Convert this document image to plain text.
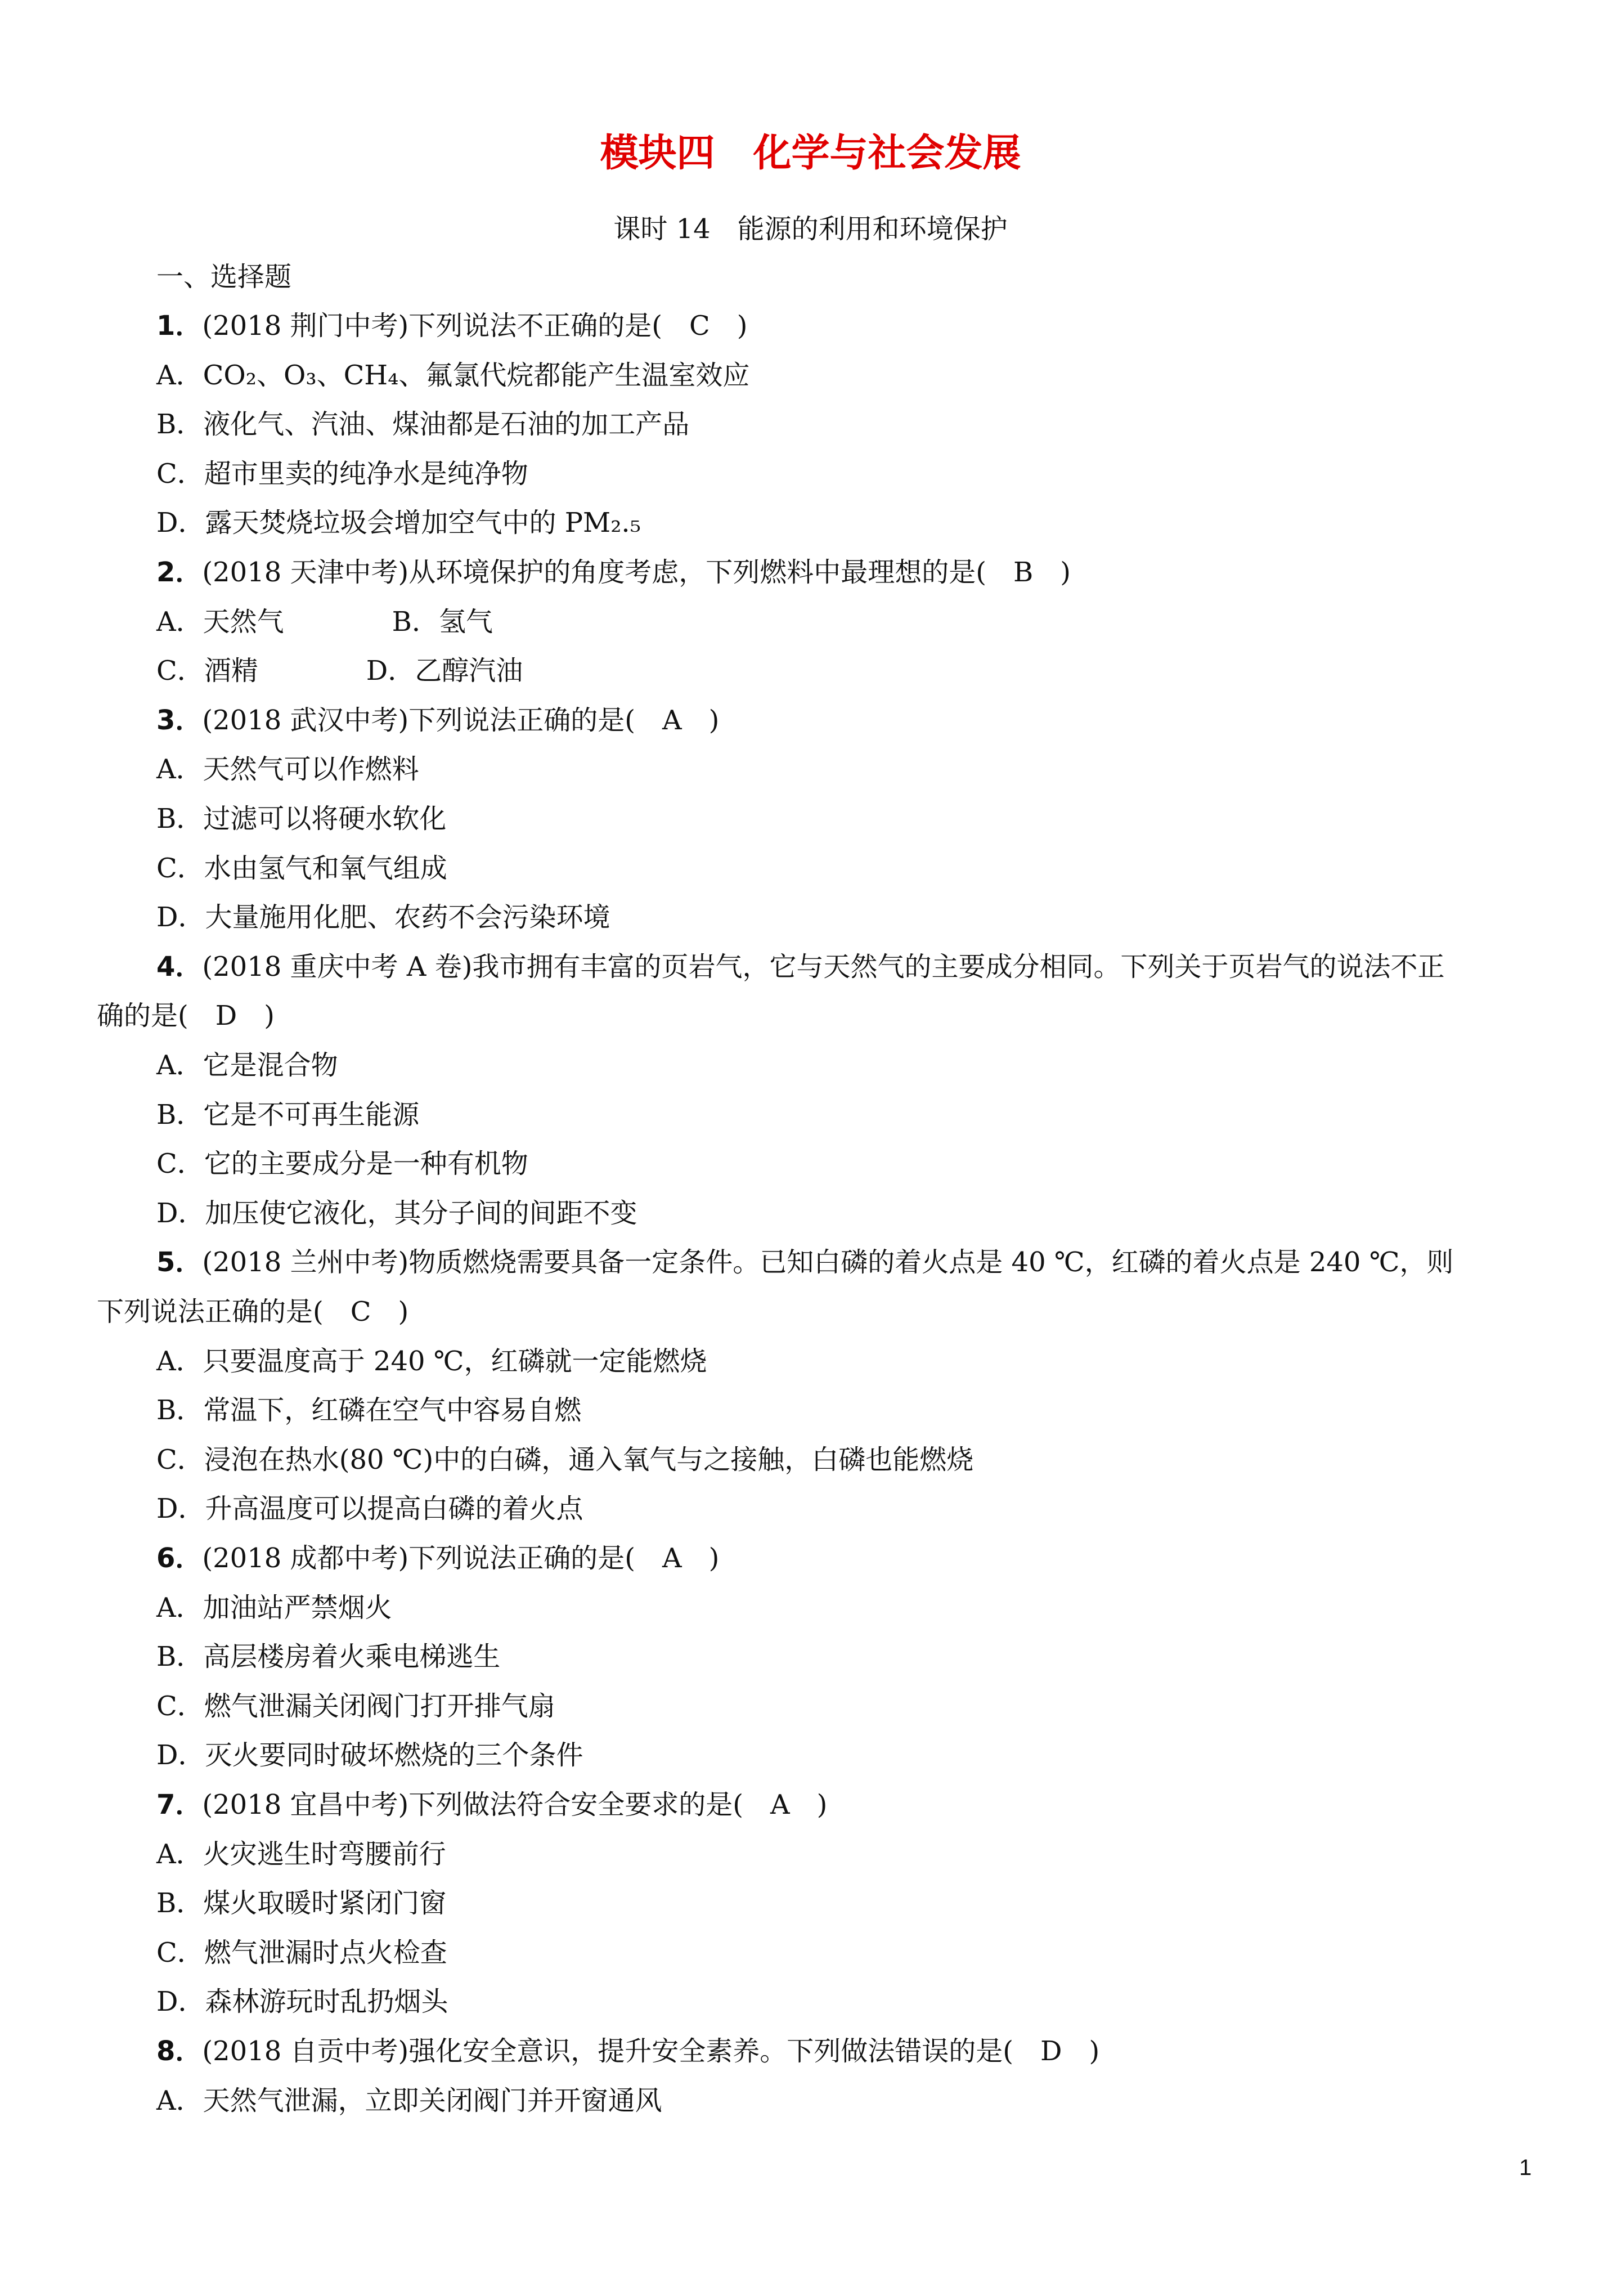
模块四　化学与社会发展
课时 14　能源的利用和环境保护
一、选择题
1．(2018 荆门中考)下列说法不正确的是(　C　)
A．CO₂、O₃、CH₄、氟氯代烷都能产生温室效应
B．液化气、汽油、煤油都是石油的加工产品
C．超市里卖的纯净水是纯净物
D．露天焚烧垃圾会增加空气中的 PM₂.₅
2．(2018 天津中考)从环境保护的角度考虑，下列燃料中最理想的是(　B　)
A．天然气　　　　B．氢气
C．酒精　　　　D．乙醇汽油
3．(2018 武汉中考)下列说法正确的是(　A　)
A．天然气可以作燃料
B．过滤可以将硬水软化
C．水由氢气和氧气组成
D．大量施用化肥、农药不会污染环境
4．(2018 重庆中考 A 卷)我市拥有丰富的页岩气，它与天然气的主要成分相同。下列关于页岩气的说法不正
确的是(　D　)
A．它是混合物
B．它是不可再生能源
C．它的主要成分是一种有机物
D．加压使它液化，其分子间的间距不变
5．(2018 兰州中考)物质燃烧需要具备一定条件。已知白磷的着火点是 40 ℃，红磷的着火点是 240 ℃，则
下列说法正确的是(　C　)
A．只要温度高于 240 ℃，红磷就一定能燃烧
B．常温下，红磷在空气中容易自燃
C．浸泡在热水(80 ℃)中的白磷，通入氧气与之接触，白磷也能燃烧
D．升高温度可以提高白磷的着火点
6．(2018 成都中考)下列说法正确的是(　A　)
A．加油站严禁烟火
B．高层楼房着火乘电梯逃生
C．燃气泄漏关闭阀门打开排气扇
D．灭火要同时破坏燃烧的三个条件
7．(2018 宜昌中考)下列做法符合安全要求的是(　A　)
A．火灾逃生时弯腰前行
B．煤火取暖时紧闭门窗
C．燃气泄漏时点火检查
D．森林游玩时乱扔烟头
8．(2018 自贡中考)强化安全意识，提升安全素养。下列做法错误的是(　D　)
A．天然气泄漏，立即关闭阀门并开窗通风
1
